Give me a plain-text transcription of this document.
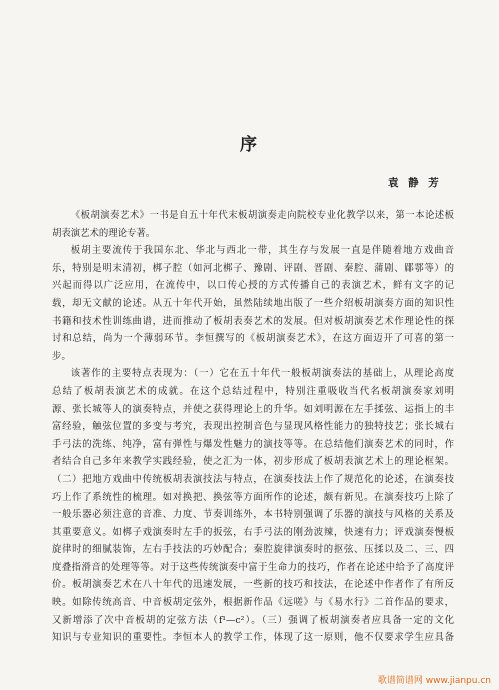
序
袁 静 芳
《板胡演奏艺术》一书是自五十年代末板胡演奏走向院校专业化教学以来，第一本论述板
胡表演艺术的理论专著。
板胡主要流传于我国东北、华北与西北一带，其生存与发展一直是伴随着地方戏曲音
乐，特别是明末清初，梆子腔（如河北梆子、豫剧、评剧、晋剧、秦腔、蒲剧、郿鄠等）的
兴起而得以广泛应用，在流传中，以口传心授的方式传播自己的表演艺术，鲜有文字的记
载，却无文献的论述。从五十年代开始，虽然陆续地出版了一些介绍板胡演奏方面的知识性
书籍和技术性训练曲谱，进而推动了板胡表奏艺术的发展。但对板胡演奏艺术作理论性的探
讨和总结，尚为一个薄弱环节。李恒撰写的《板胡演奏艺术》，在这方面迈开了可喜的第一
步。
该著作的主要特点表现为：（一）它在五十年代一般板胡演奏法的基础上，从理论高度
总结了板胡表演艺术的成就。在这个总结过程中，特别注重吸收当代名板胡演奏家刘明
源、张长城等人的演奏特点，并使之获得理论上的升华。如刘明源在左手揉弦、运指上的丰
富经验，触弦位置的多变与考究，表现出控制音色与显现风格性能力的独特技艺；张长城右
手弓法的洗练、纯净，富有弹性与爆发性魅力的演技等等。在总结他们演奏艺术的同时，作
者结合自己多年来教学实践经验，使之汇为一体，初步形成了板胡表演艺术上的理论框架。
（二）把地方戏曲中传统板胡表演技法与特点，在演奏技法上作了规范化的论述，在演奏技
巧上作了系统性的梳理。如对换把、换弦等方面所作的论述，颇有新见。在演奏技巧上除了
一般乐器必须注意的音准、力度、节奏训练外，本书特别强调了乐器的演技与风格的关系及
其重要意义。如梆子戏演奏时左手的扳弦，右手弓法的刚劲波辣，快速有力；评戏演奏慢板
旋律时的细腻装饰，左右手技法的巧妙配合；秦腔旋律演奏时的抠弦、压揉以及二、三、四
度叠指滑音的处理等等。对于这些传统演奏中富于生命力的技巧，作者在论述中给予了高度评
价。板胡演奏艺术在八十年代的迅速发展，一些新的技巧和技法，在论述中作者作了有所反
映。如除传统高音、中音板胡定弦外，根据新作品《远嗟》与《易水行》二首作品的要求，
又新增添了次中音板胡的定弦方法（f¹—c²）。（三）强调了板胡演奏者应具备一定的文化
知识与专业知识的重要性。李恒本人的教学工作，体现了这一原则，他不仅要求学生应具备
歌谱简谱网 www.jianpu.cn
